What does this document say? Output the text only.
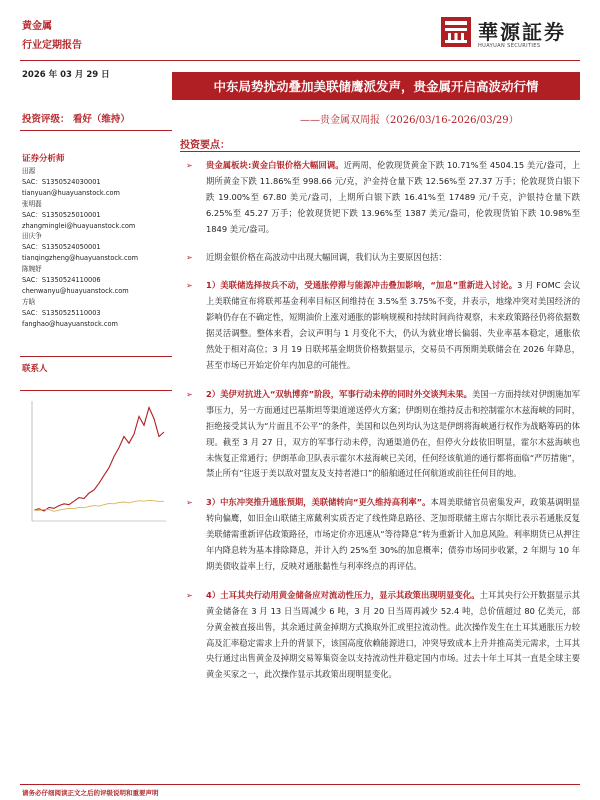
黄金属
行业定期报告
2026 年 03 月 29 日
華源証券
HUAYUAN SECURITIES
中东局势扰动叠加美联储鹰派发声，贵金属开启高波动行情
投资评级： 看好（维持）	——贵金属双周报（2026/03/16-2026/03/29）
投资要点：
证券分析师
田源
SAC：S1350524030001
tianyuan@huayuanstock.com
张明磊
SAC：S1350525010001
zhangminglei@huayuanstock.com
田庆争
SAC：S1350524050001
tianqingzheng@huayuanstock.com
陈婉妤
SAC：S1350524110006
chenwanyu@huayuanstock.com
方晗
SAC：S1350525110003
fanghao@huayuanstock.com
联系人
➢ 贵金属板块:黄金白银价格大幅回调。近两周，伦敦现货黄金下跌 10.71%至 4504.15 美元/盎司，上期所黄金下跌 11.86%至 998.66 元/克，沪金持仓量下跌 12.56%至 27.37 万手；伦敦现货白银下跌 19.00%至 67.80 美元/盎司，上期所白银下跌 16.41%至 17489 元/千克，沪银持仓量下跌 6.25%至 45.27 万手；伦敦现货钯下跌 13.96%至 1387 美元/盎司，伦敦现货铂下跌 10.98%至 1849 美元/盎司。
➢ 近期金银价格在高波动中出现大幅回调，我们认为主要原因包括：
➢ 1）美联储选择按兵不动，受通胀停滞与能源冲击叠加影响，“加息”重新进入讨论。3 月 FOMC 会议上美联储宣布将联邦基金利率目标区间维持在 3.5%至 3.75%不变，并表示，地缘冲突对美国经济的影响仍存在不确定性，短期油价上涨对通胀的影响规模和持续时间尚待观察，未来政策路径仍将依据数据灵活调整。整体来看，会议声明与 1 月变化不大，仍认为就业增长偏弱、失业率基本稳定，通胀依然处于相对高位；3 月 19 日联邦基金期货价格数据显示，交易员不再预期美联储会在 2026 年降息，甚至市场已开始定价年内加息的可能性。
➢ 2）美伊对抗进入“双轨博弈”阶段，军事行动未停的同时外交谈判未果。美国一方面持续对伊朗施加军事压力，另一方面通过巴基斯坦等渠道递送停火方案；伊朗则在维持反击和控制霍尔木兹海峡的同时，拒绝接受其认为“片面且不公平”的条件，美国和以色列均认为这是伊朗将海峡通行权作为战略筹码的体现。截至 3 月 27 日，双方的军事行动未停，沟通渠道仍在，但停火分歧依旧明显，霍尔木兹海峡也未恢复正常通行；伊朗革命卫队表示霍尔木兹海峡已关闭，任何经该航道的通行都将面临“严厉措施”，禁止所有“往返于美以敌对盟友及支持者港口”的船舶通过任何航道或前往任何目的地。
➢ 3）中东冲突推升通胀预期，美联储转向“更久维持高利率”。本周美联储官员密集发声，政策基调明显转向偏鹰，如旧金山联储主席戴利实质否定了线性降息路径、芝加哥联储主席古尔斯比表示若通胀反复美联储需重新评估政策路径，市场定价亦迅速从“等待降息”转为重新计入加息风险。利率期货已从押注年内降息转为基本排除降息，并计入约 25%至 30%的加息概率；债券市场同步收紧，2 年期与 10 年期美债收益率上行，反映对通胀黏性与利率终点的再评估。
➢ 4）土耳其央行动用黄金储备应对流动性压力，显示其政策出现明显变化。土耳其央行公开数据显示其黄金储备在 3 月 13 日当周减少 6 吨，3 月 20 日当周再减少 52.4 吨，总价值超过 80 亿美元，部分黄金被直接出售，其余通过黄金掉期方式换取外汇或里拉流动性。此次操作发生在土耳其通胀压力较高及汇率稳定需求上升的背景下，该国高度依赖能源进口，冲突导致成本上升并推高美元需求，土耳其央行通过出售黄金及掉期交易筹集资金以支持流动性并稳定国内市场。过去十年土耳其一直是全球主要黄金买家之一，此次操作显示其政策出现明显变化。
请务必仔细阅读正文之后的评级说明和重要声明
